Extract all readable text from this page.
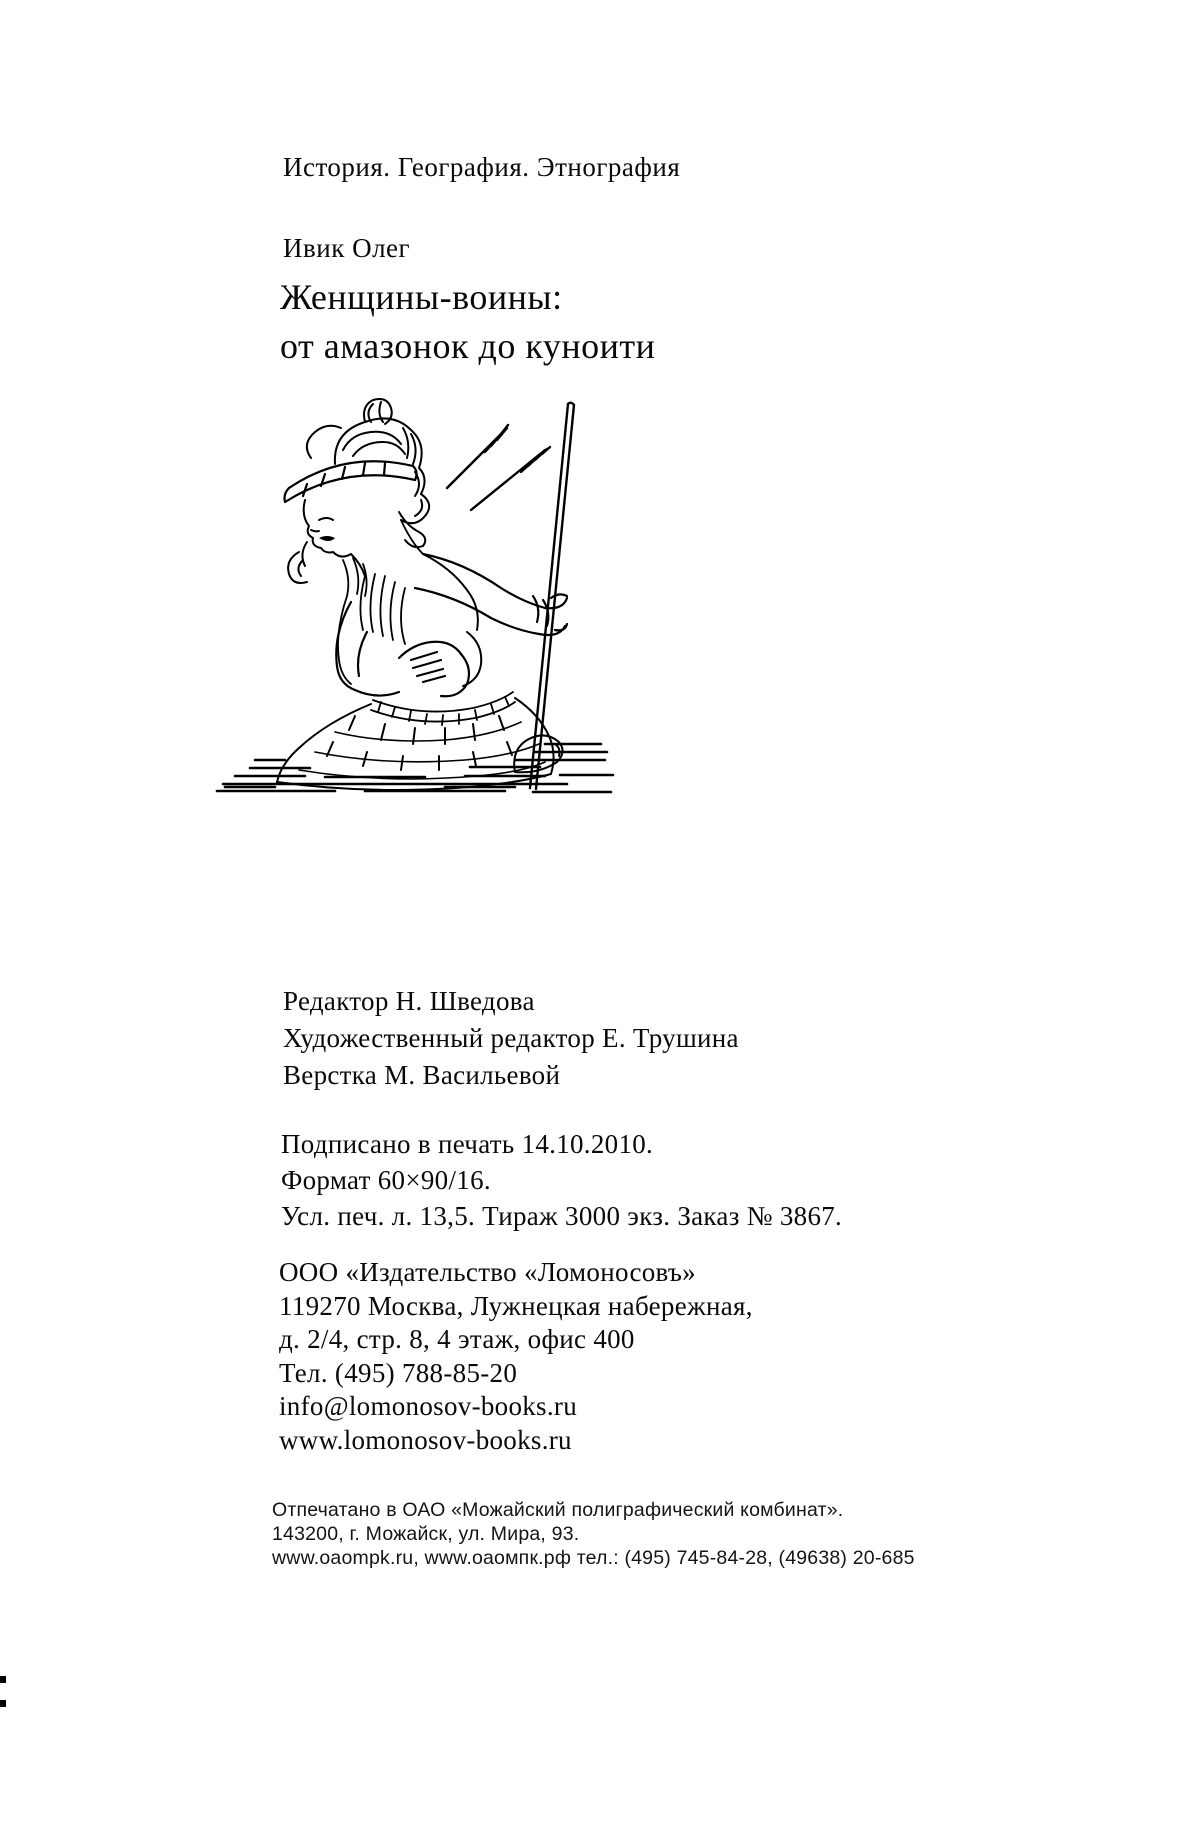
История. География. Этнография
Ивик Олег
Женщины-воины:
от амазонок до куноити
Редактор Н. Шведова
Художественный редактор Е. Трушина
Верстка М. Васильевой
Подписано в печать 14.10.2010.
Формат 60×90/16.
Усл. печ. л. 13,5. Тираж 3000 экз. Заказ № 3867.
ООО «Издательство «Ломоносовъ»
119270 Москва, Лужнецкая набережная,
д. 2/4, стр. 8, 4 этаж, офис 400
Тел. (495) 788-85-20
info@lomonosov-books.ru
www.lomonosov-books.ru
Отпечатано в ОАО «Можайский полиграфический комбинат».
143200, г. Можайск, ул. Мира, 93.
www.oaompk.ru, www.оаомпк.рф тел.: (495) 745-84-28, (49638) 20-685
